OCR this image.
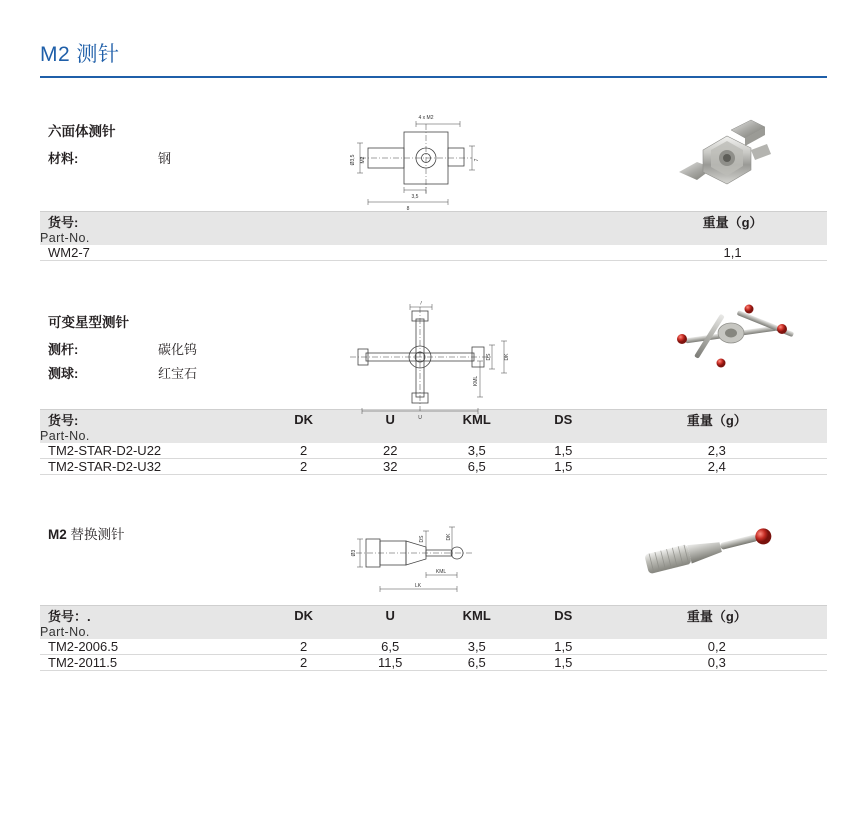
M2 测针
六面体测针
材料:	钢
4 x M2
Ø3,5 M2	7
3,5
8
货号:					重量（g）
Part-No.					
WM2-7					1,1
可变星型测针
测杆:	碳化钨
测球:	红宝石
7
DS DK
KML
U
货号:	DK	U	KML	DS	重量（g）
Part-No.					
TM2-STAR-D2-U22	2	22	3,5	1,5	2,3
TM2-STAR-D2-U32	2	32	6,5	1,5	2,4
M2 替换测针
Ø3
DS	DK
KML
LK
货号：.	DK	U	KML	DS	重量（g）
Part-No.					
TM2-2006.5	2	6,5	3,5	1,5	0,2
TM2-2011.5	2	11,5	6,5	1,5	0,3
